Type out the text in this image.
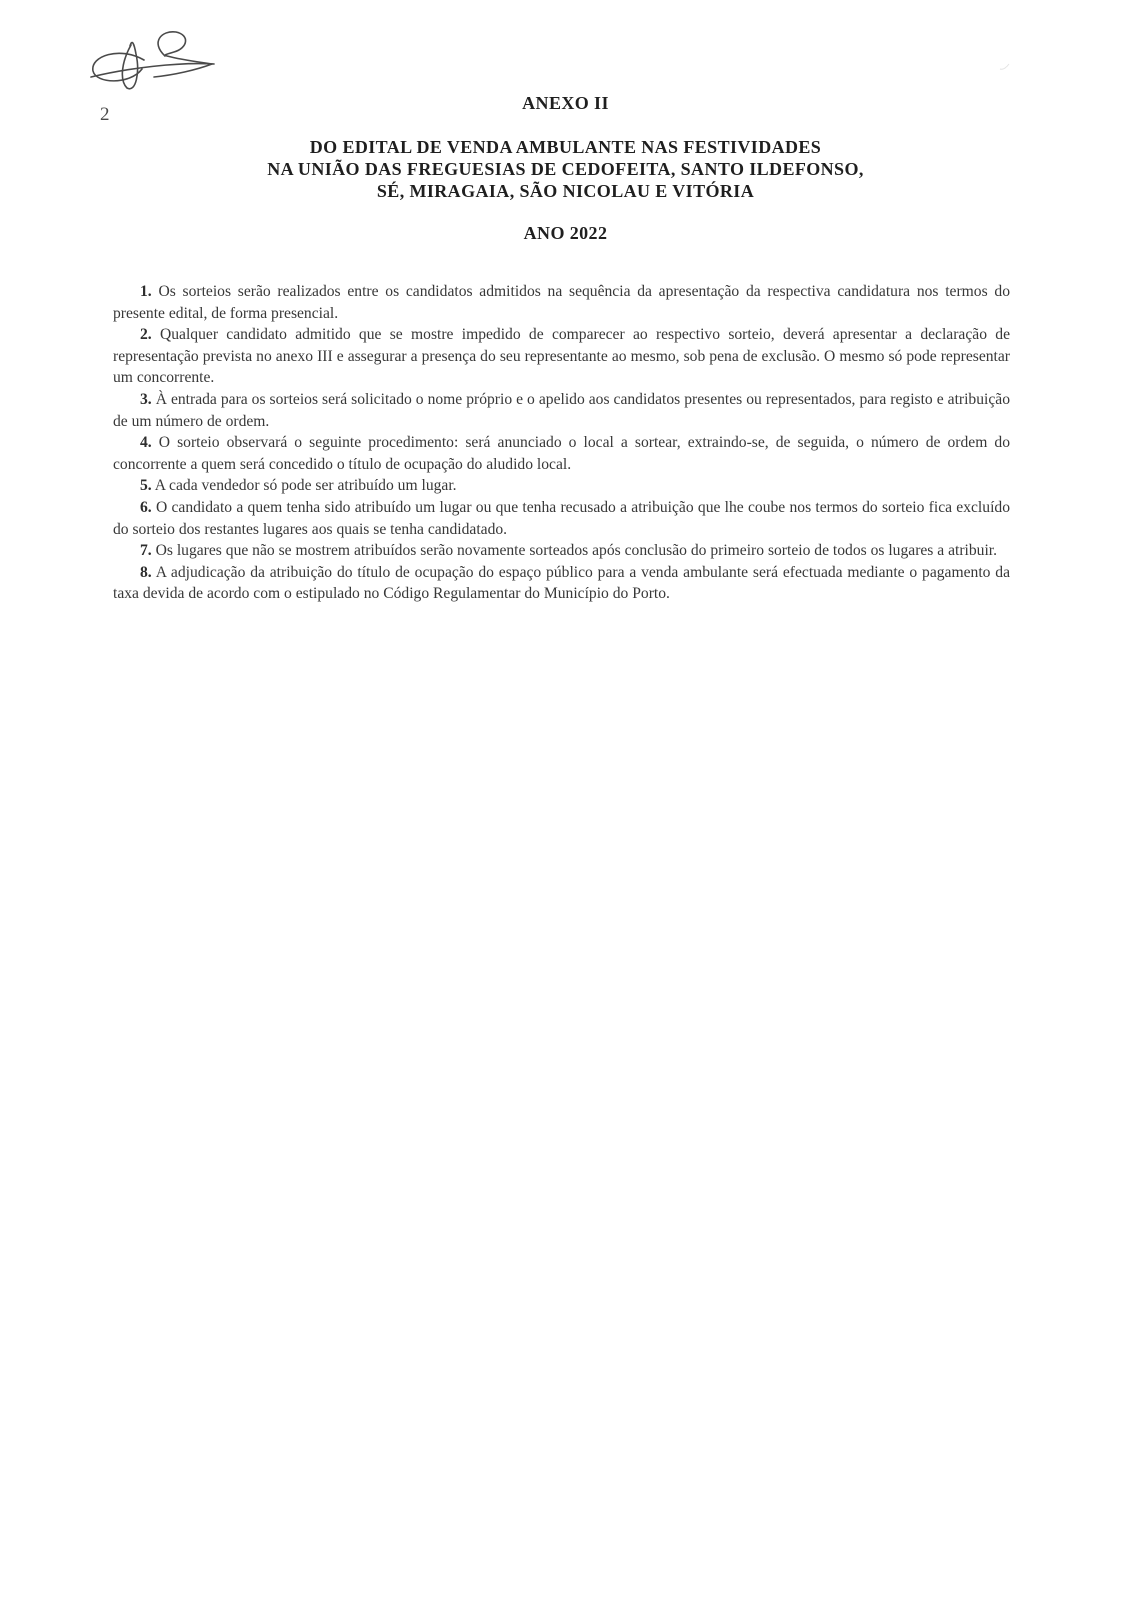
2
ANEXO II
DO EDITAL DE VENDA AMBULANTE NAS FESTIVIDADES
NA UNIÃO DAS FREGUESIAS DE CEDOFEITA, SANTO ILDEFONSO,
SÉ, MIRAGAIA, SÃO NICOLAU E VITÓRIA
ANO 2022

1. Os sorteios serão realizados entre os candidatos admitidos na sequência da apresentação da respectiva candidatura nos termos do presente edital, de forma presencial.

2. Qualquer candidato admitido que se mostre impedido de comparecer ao respectivo sorteio, deverá apresentar a declaração de representação prevista no anexo III e assegurar a presença do seu representante ao mesmo, sob pena de exclusão. O mesmo só pode representar um concorrente.

3. À entrada para os sorteios será solicitado o nome próprio e o apelido aos candidatos presentes ou representados, para registo e atribuição de um número de ordem.

4. O sorteio observará o seguinte procedimento: será anunciado o local a sortear, extraindo-se, de seguida, o número de ordem do concorrente a quem será concedido o título de ocupação do aludido local.

5. A cada vendedor só pode ser atribuído um lugar.

6. O candidato a quem tenha sido atribuído um lugar ou que tenha recusado a atribuição que lhe coube nos termos do sorteio fica excluído do sorteio dos restantes lugares aos quais se tenha candidatado.

7. Os lugares que não se mostrem atribuídos serão novamente sorteados após conclusão do primeiro sorteio de todos os lugares a atribuir.

8. A adjudicação da atribuição do título de ocupação do espaço público para a venda ambulante será efectuada mediante o pagamento da taxa devida de acordo com o estipulado no Código Regulamentar do Município do Porto.
